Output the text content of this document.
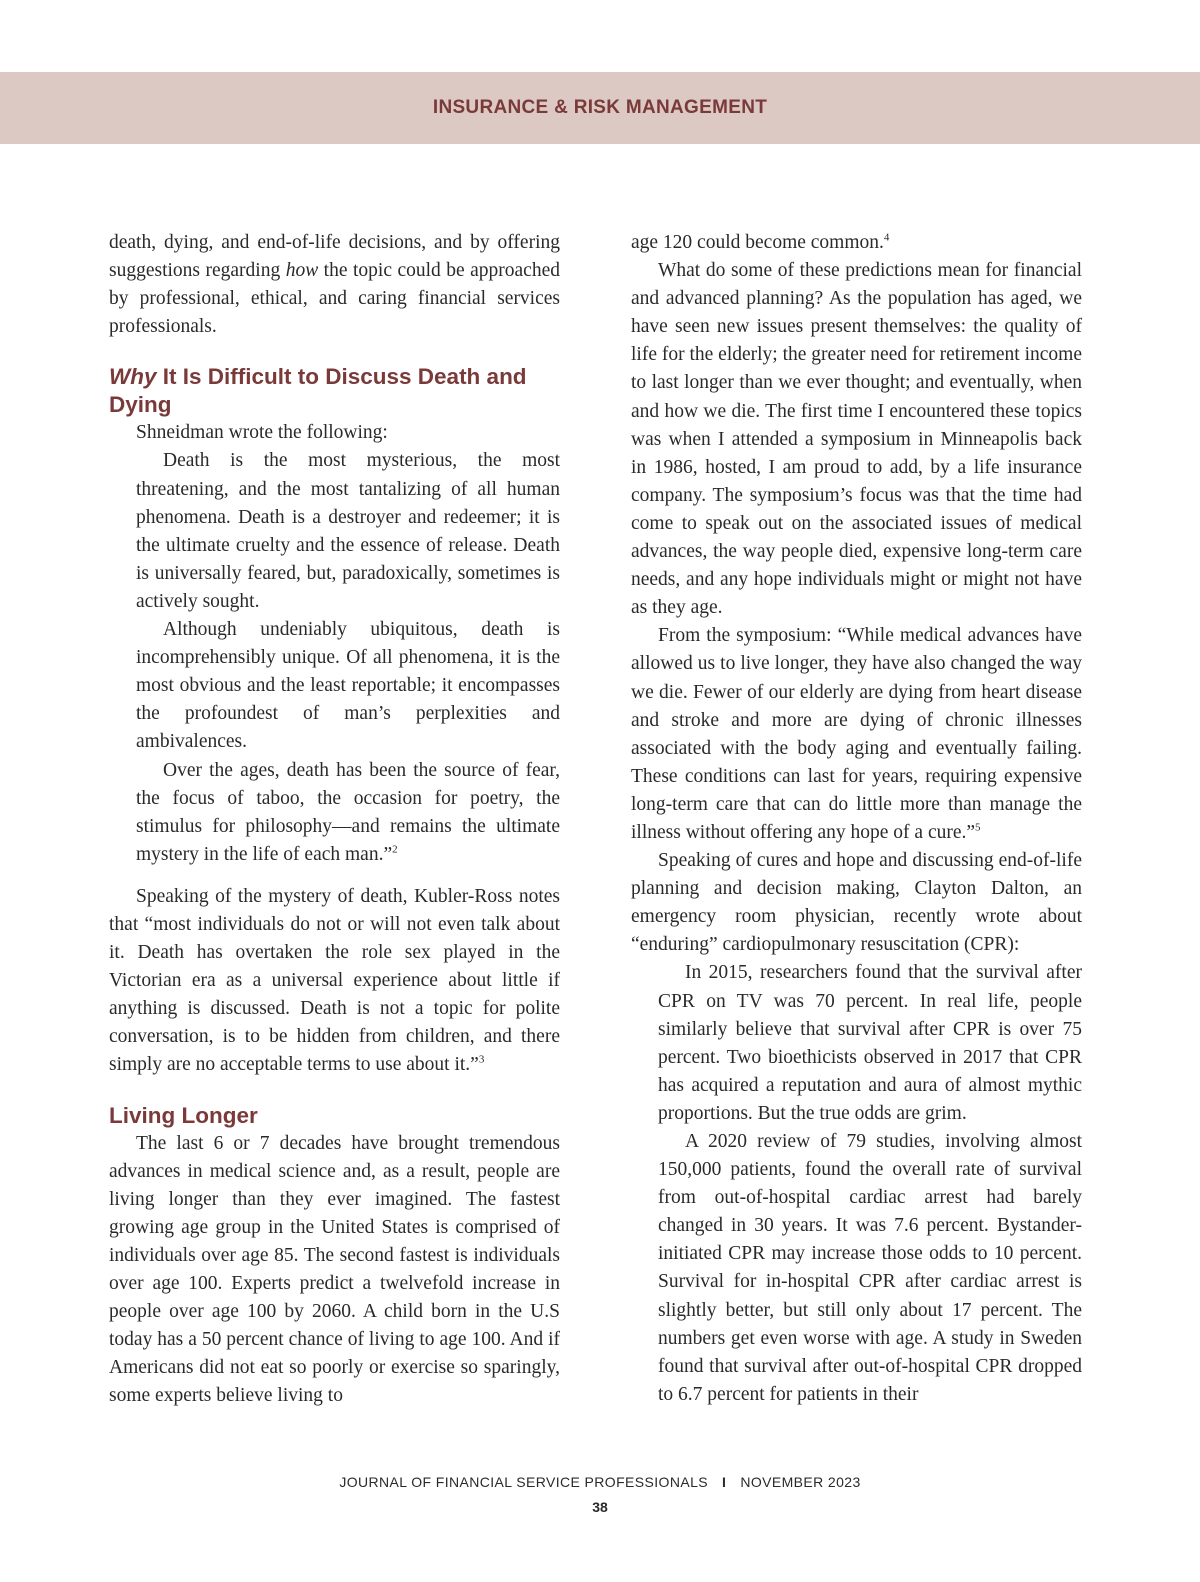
INSURANCE & RISK MANAGEMENT

death, dying, and end-of-life decisions, and by offering suggestions regarding how the topic could be approached by professional, ethical, and caring financial services professionals.

Why It Is Difficult to Discuss Death and Dying

Shneidman wrote the following:

Death is the most mysterious, the most threatening, and the most tantalizing of all human phenomena. Death is a destroyer and redeemer; it is the ultimate cruelty and the essence of release. Death is universally feared, but, paradoxically, sometimes is actively sought.

Although undeniably ubiquitous, death is incomprehensibly unique. Of all phenomena, it is the most obvious and the least reportable; it encompasses the profoundest of man’s perplexities and ambivalences.

Over the ages, death has been the source of fear, the focus of taboo, the occasion for poetry, the stimulus for philosophy—and remains the ultimate mystery in the life of each man.”$^2$

Speaking of the mystery of death, Kubler-Ross notes that “most individuals do not or will not even talk about it. Death has overtaken the role sex played in the Victorian era as a universal experience about little if anything is discussed. Death is not a topic for polite conversation, is to be hidden from children, and there simply are no acceptable terms to use about it.”$^3$

Living Longer

The last 6 or 7 decades have brought tremendous advances in medical science and, as a result, people are living longer than they ever imagined. The fastest growing age group in the United States is comprised of individuals over age 85. The second fastest is individuals over age 100. Experts predict a twelvefold increase in people over age 100 by 2060. A child born in the U.S today has a 50 percent chance of living to age 100. And if Americans did not eat so poorly or exercise so sparingly, some experts believe living to

age 120 could become common.$^4$

What do some of these predictions mean for financial and advanced planning? As the population has aged, we have seen new issues present themselves: the quality of life for the elderly; the greater need for retirement income to last longer than we ever thought; and eventually, when and how we die. The first time I encountered these topics was when I attended a symposium in Minneapolis back in 1986, hosted, I am proud to add, by a life insurance company. The symposium’s focus was that the time had come to speak out on the associated issues of medical advances, the way people died, expensive long-term care needs, and any hope individuals might or might not have as they age.

From the symposium: “While medical advances have allowed us to live longer, they have also changed the way we die. Fewer of our elderly are dying from heart disease and stroke and more are dying of chronic illnesses associated with the body aging and eventually failing. These conditions can last for years, requiring expensive long-term care that can do little more than manage the illness without offering any hope of a cure.”$^5$

Speaking of cures and hope and discussing end-of-life planning and decision making, Clayton Dalton, an emergency room physician, recently wrote about “enduring” cardiopulmonary resuscitation (CPR):

In 2015, researchers found that the survival after CPR on TV was 70 percent. In real life, people similarly believe that survival after CPR is over 75 percent. Two bioethicists observed in 2017 that CPR has acquired a reputation and aura of almost mythic proportions. But the true odds are grim.

A 2020 review of 79 studies, involving almost 150,000 patients, found the overall rate of survival from out-of-hospital cardiac arrest had barely changed in 30 years. It was 7.6 percent. Bystander-initiated CPR may increase those odds to 10 percent. Survival for in-hospital CPR after cardiac arrest is slightly better, but still only about 17 percent. The numbers get even worse with age. A study in Sweden found that survival after out-of-hospital CPR dropped to 6.7 percent for patients in their

JOURNAL OF FINANCIAL SERVICE PROFESSIONALS I NOVEMBER 2023
38
